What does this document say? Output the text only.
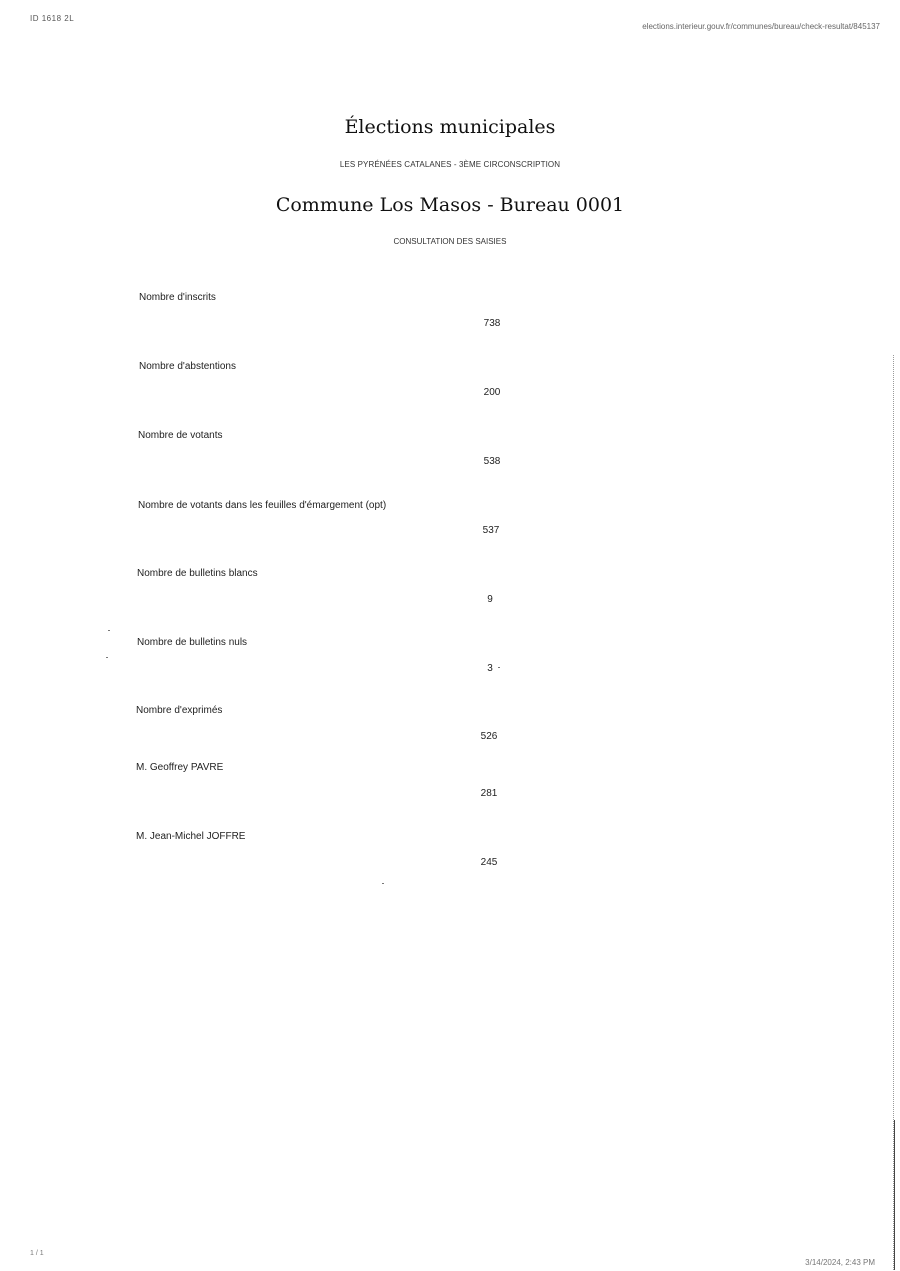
ID 1618 2L
elections.interieur.gouv.fr/communes/bureau/check-resultat/845137
Élections municipales
LES PYRÉNÉES CATALANES - 3ÈME CIRCONSCRIPTION
Commune Los Masos - Bureau 0001
CONSULTATION DES SAISIES
Nombre d'inscrits
738
Nombre d'abstentions
200
Nombre de votants
538
Nombre de votants dans les feuilles d'émargement (opt)
537
Nombre de bulletins blancs
9
Nombre de bulletins nuls
3
Nombre d'exprimés
526
M. Geoffrey PAVRE
281
M. Jean-Michel JOFFRE
245
1 / 1
3/14/2024, 2:43 PM
